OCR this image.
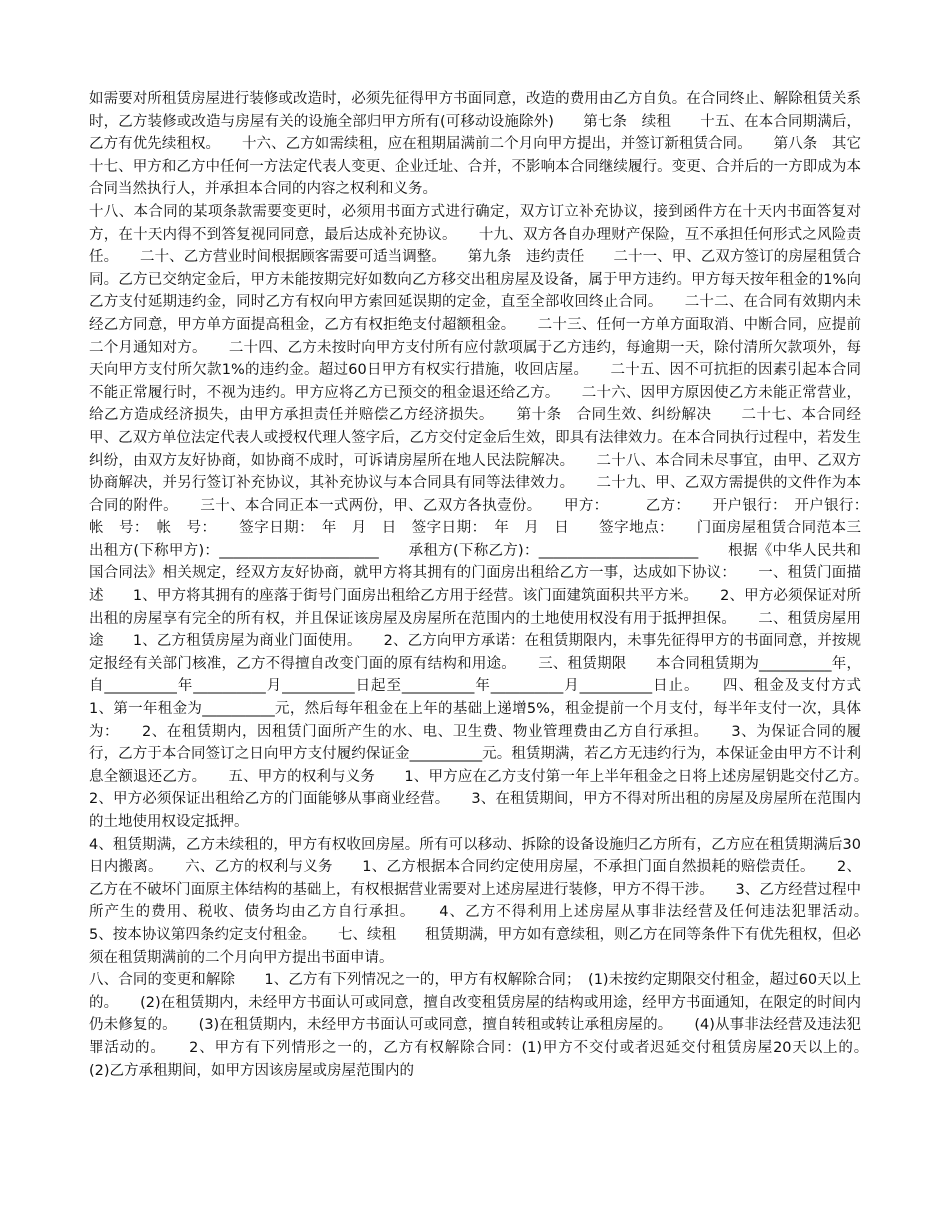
如需要对所租赁房屋进行装修或改造时，必须先征得甲方书面同意，改造的费用由乙方自负。在合同终止、解除租赁关系时，乙方装修或改造与房屋有关的设施全部归甲方所有(可移动设施除外)　　第七条　续租　　十五、在本合同期满后，乙方有优先续租权。　　十六、乙方如需续租，应在租期届满前二个月向甲方提出，并签订新租赁合同。　　第八条　其它　　十七、甲方和乙方中任何一方法定代表人变更、企业迁址、合并，不影响本合同继续履行。变更、合并后的一方即成为本合同当然执行人，并承担本合同的内容之权利和义务。

十八、本合同的某项条款需要变更时，必须用书面方式进行确定，双方订立补充协议，接到函件方在十天内书面答复对方，在十天内得不到答复视同同意，最后达成补充协议。　　十九、双方各自办理财产保险，互不承担任何形式之风险责任。　　二十、乙方营业时间根据顾客需要可适当调整。　　第九条　违约责任　　二十一、甲、乙双方签订的房屋租赁合同。乙方已交纳定金后，甲方未能按期完好如数向乙方移交出租房屋及设备，属于甲方违约。甲方每天按年租金的1%向乙方支付延期违约金，同时乙方有权向甲方索回延误期的定金，直至全部收回终止合同。　　二十二、在合同有效期内未经乙方同意，甲方单方面提高租金，乙方有权拒绝支付超额租金。　　二十三、任何一方单方面取消、中断合同，应提前二个月通知对方。　　二十四、乙方未按时向甲方支付所有应付款项属于乙方违约，每逾期一天，除付清所欠款项外，每天向甲方支付所欠款1%的违约金。超过60日甲方有权实行措施，收回店屋。　　二十五、因不可抗拒的因素引起本合同不能正常履行时，不视为违约。甲方应将乙方已预交的租金退还给乙方。　　二十六、因甲方原因使乙方未能正常营业，给乙方造成经济损失，由甲方承担责任并赔偿乙方经济损失。　　第十条　合同生效、纠纷解决　　二十七、本合同经甲、乙双方单位法定代表人或授权代理人签字后，乙方交付定金后生效，即具有法律效力。在本合同执行过程中，若发生纠纷，由双方友好协商，如协商不成时，可诉请房屋所在地人民法院解决。　　二十八、本合同未尽事宜，由甲、乙双方协商解决，并另行签订补充协议，其补充协议与本合同具有同等法律效力。　　二十九、甲、乙双方需提供的文件作为本合同的附件。　　三十、本合同正本一式两份，甲、乙双方各执壹份。　　甲方：　　　乙方：　　开户银行：　开户银行：　　帐　号：　帐　号：　　签字日期：　年　月　日　签字日期：　年　月　日　　签字地点：　　门面房屋租赁合同范本三　　出租方(下称甲方)：______________________　　承租方(下称乙方)：______________________　　根据《中华人民共和国合同法》相关规定，经双方友好协商，就甲方将其拥有的门面房出租给乙方一事，达成如下协议：　　一、租赁门面描述　　1、甲方将其拥有的座落于街号门面房出租给乙方用于经营。该门面建筑面积共平方米。　　2、甲方必须保证对所出租的房屋享有完全的所有权，并且保证该房屋及房屋所在范围内的土地使用权没有用于抵押担保。　　二、租赁房屋用途　　1、乙方租赁房屋为商业门面使用。　　2、乙方向甲方承诺：在租赁期限内，未事先征得甲方的书面同意，并按规定报经有关部门核准，乙方不得擅自改变门面的原有结构和用途。　　三、租赁期限　　本合同租赁期为__________年，自__________年__________月__________日起至__________年__________月__________日止。　　四、租金及支付方式　　1、第一年租金为__________元，然后每年租金在上年的基础上递增5%，租金提前一个月支付，每半年支付一次，具体为：　　2、在租赁期内，因租赁门面所产生的水、电、卫生费、物业管理费由乙方自行承担。　　3、为保证合同的履行，乙方于本合同签订之日向甲方支付履约保证金__________元。租赁期满，若乙方无违约行为，本保证金由甲方不计利息全额退还乙方。　　五、甲方的权利与义务　　1、甲方应在乙方支付第一年上半年租金之日将上述房屋钥匙交付乙方。　　2、甲方必须保证出租给乙方的门面能够从事商业经营。　　3、在租赁期间，甲方不得对所出租的房屋及房屋所在范围内的土地使用权设定抵押。

4、租赁期满，乙方未续租的，甲方有权收回房屋。所有可以移动、拆除的设备设施归乙方所有，乙方应在租赁期满后30日内搬离。　　六、乙方的权利与义务　　1、乙方根据本合同约定使用房屋，不承担门面自然损耗的赔偿责任。　　2、乙方在不破坏门面原主体结构的基础上，有权根据营业需要对上述房屋进行装修，甲方不得干涉。　　3、乙方经营过程中所产生的费用、税收、债务均由乙方自行承担。　　4、乙方不得利用上述房屋从事非法经营及任何违法犯罪活动。　　5、按本协议第四条约定支付租金。　　七、续租　　租赁期满，甲方如有意续租，则乙方在同等条件下有优先租权，但必须在租赁期满前的二个月向甲方提出书面申请。

八、合同的变更和解除　　1、乙方有下列情况之一的，甲方有权解除合同；　(1)未按约定期限交付租金，超过60天以上的。　　(2)在租赁期内，未经甲方书面认可或同意，擅自改变租赁房屋的结构或用途，经甲方书面通知，在限定的时间内仍未修复的。　　(3)在租赁期内，未经甲方书面认可或同意，擅自转租或转让承租房屋的。　　(4)从事非法经营及违法犯罪活动的。　　2、甲方有下列情形之一的，乙方有权解除合同：(1)甲方不交付或者迟延交付租赁房屋20天以上的。　　(2)乙方承租期间，如甲方因该房屋或房屋范围内的
